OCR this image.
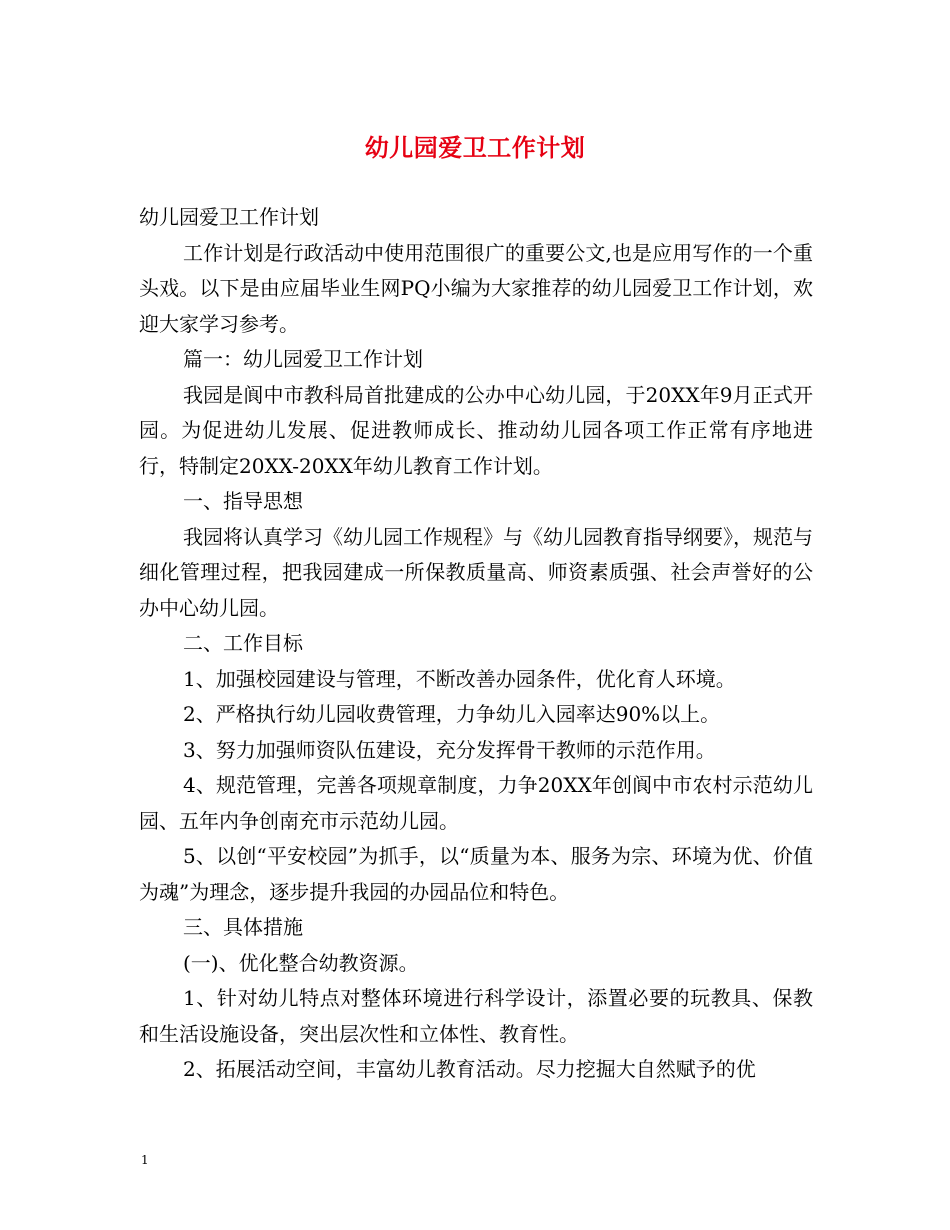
幼儿园爱卫工作计划

幼儿园爱卫工作计划

工作计划是行政活动中使用范围很广的重要公文,也是应用写作的一个重头戏。以下是由应届毕业生网PQ小编为大家推荐的幼儿园爱卫工作计划，欢迎大家学习参考。

篇一：幼儿园爱卫工作计划

我园是阆中市教科局首批建成的公办中心幼儿园，于20XX年9月正式开园。为促进幼儿发展、促进教师成长、推动幼儿园各项工作正常有序地进行，特制定20XX-20XX年幼儿教育工作计划。

一、指导思想

我园将认真学习《幼儿园工作规程》与《幼儿园教育指导纲要》，规范与细化管理过程，把我园建成一所保教质量高、师资素质强、社会声誉好的公办中心幼儿园。

二、工作目标

1、加强校园建设与管理，不断改善办园条件，优化育人环境。

2、严格执行幼儿园收费管理，力争幼儿入园率达90%以上。

3、努力加强师资队伍建设，充分发挥骨干教师的示范作用。

4、规范管理，完善各项规章制度，力争20XX年创阆中市农村示范幼儿园、五年内争创南充市示范幼儿园。

5、以创“平安校园”为抓手，以“质量为本、服务为宗、环境为优、价值为魂”为理念，逐步提升我园的办园品位和特色。

三、具体措施

(一)、优化整合幼教资源。

1、针对幼儿特点对整体环境进行科学设计，添置必要的玩教具、保教和生活设施设备，突出层次性和立体性、教育性。

2、拓展活动空间，丰富幼儿教育活动。尽力挖掘大自然赋予的优

1
